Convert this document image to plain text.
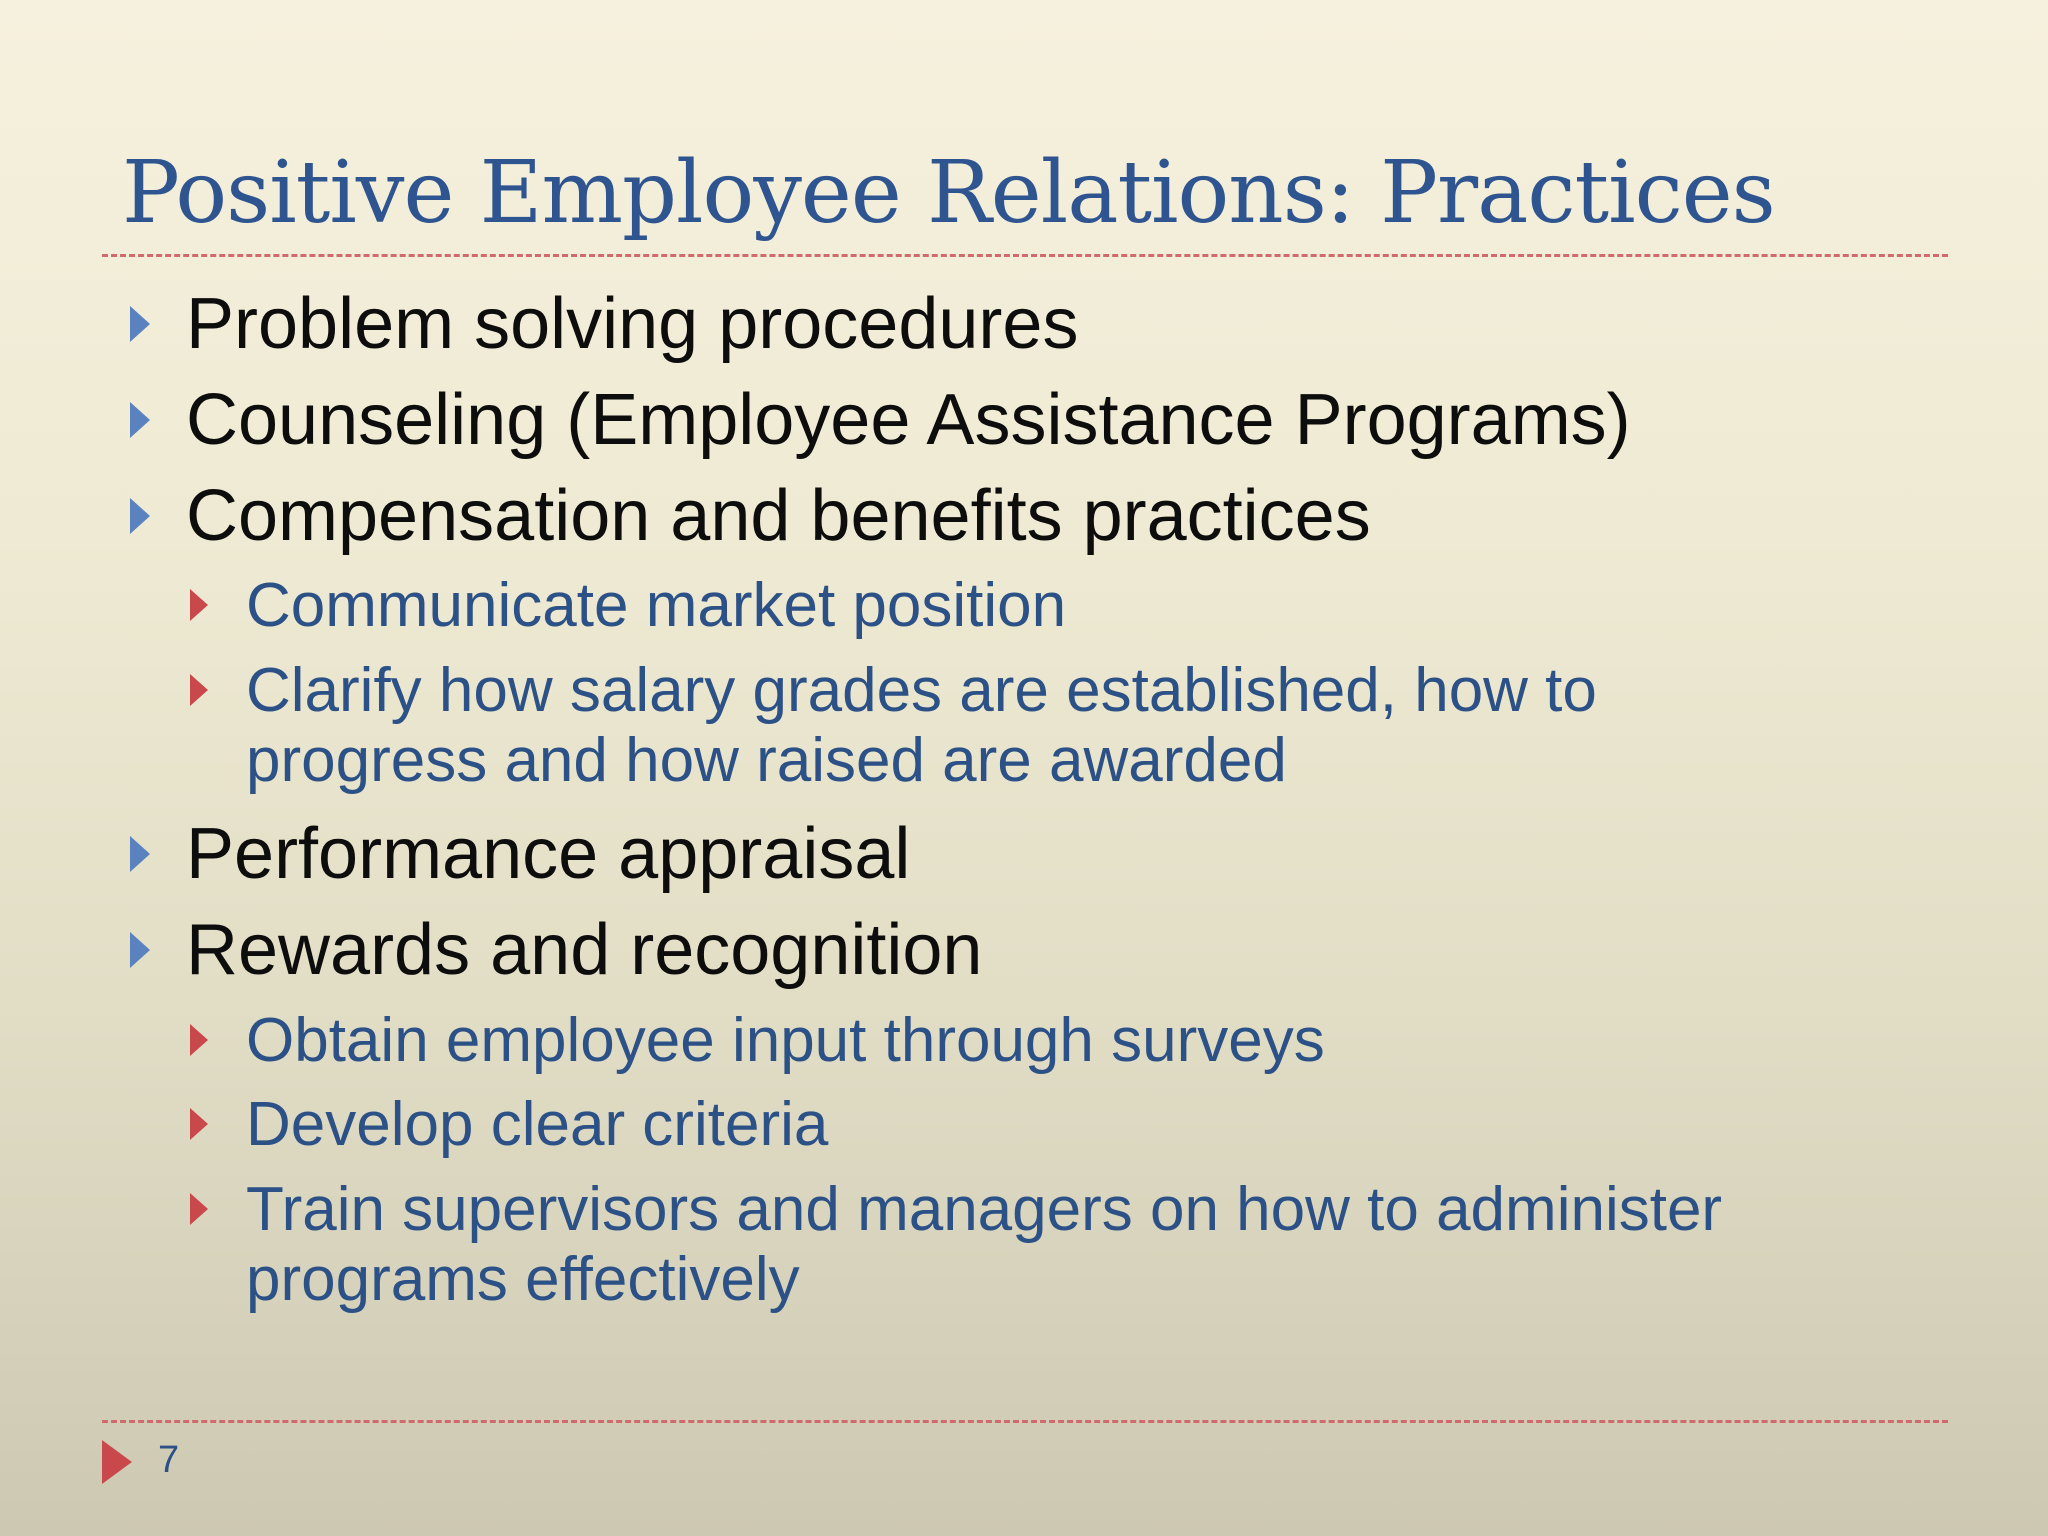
Positive Employee Relations: Practices
Problem solving procedures
Counseling (Employee Assistance Programs)
Compensation and benefits practices
Communicate market position
Clarify how salary grades are established, how to
progress and how raised are awarded
Performance appraisal
Rewards and recognition
Obtain employee input through surveys
Develop clear criteria
Train supervisors and managers on how to administer
programs effectively
7
